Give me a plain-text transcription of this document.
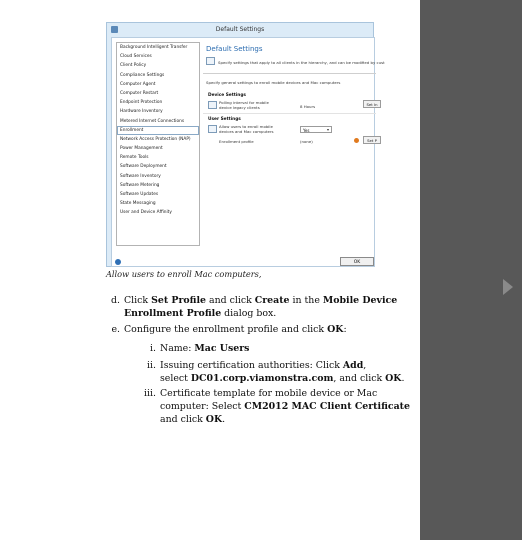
Default Settings
Background Intelligent Transfer
Cloud Services
Client Policy
Compliance Settings
Computer Agent
Computer Restart
Endpoint Protection
Hardware Inventory
Metered Internet Connections
Enrollment
Network Access Protection (NAP)
Power Management
Remote Tools
Software Deployment
Software Inventory
Software Metering
Software Updates
State Messaging
User and Device Affinity
Default Settings
Specify settings that apply to all clients in the hierarchy, and can be modified by cust
Specify general settings to enroll mobile devices and Mac computers
Device Settings
Polling interval for mobile device legacy clients	8 Hours	Set In
User Settings
Allow users to enroll mobile devices and Mac computers	Yes	▾
Enrollment profile	(none)	Set P
OK
Allow users to enroll Mac computers,
d. Click Set Profile and click Create in the Mobile Device
Enrollment Profile dialog box.
e. Configure the enrollment profile and click OK:
i. Name: Mac Users
ii. Issuing certification authorities: Click Add,
select DC01.corp.viamonstra.com, and click OK.
iii. Certificate template for mobile device or Mac
computer: Select CM2012 MAC Client Certificate
and click OK.
